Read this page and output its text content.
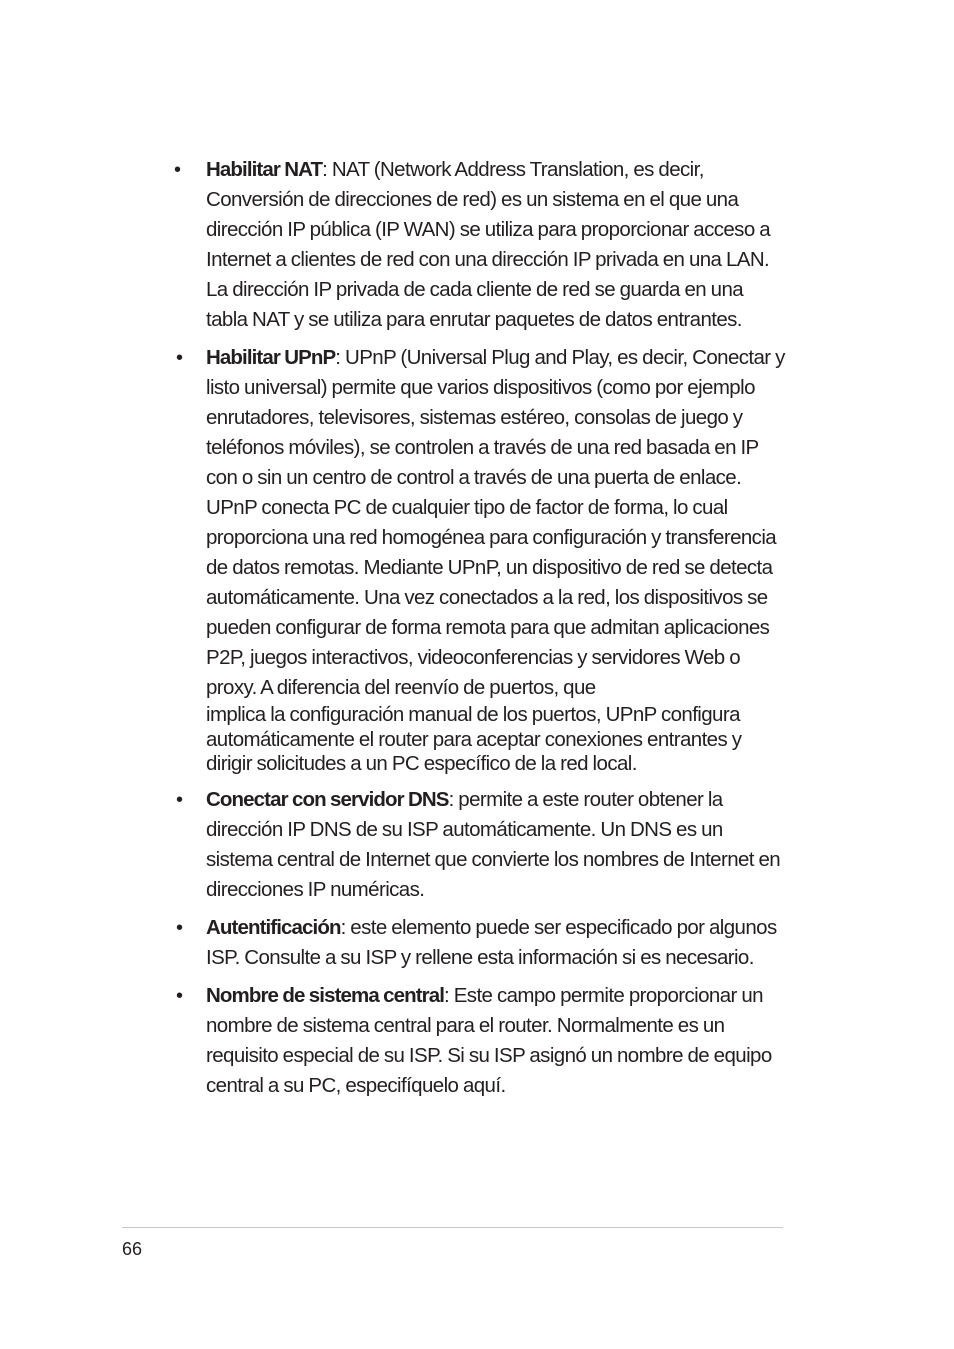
• Habilitar NAT: NAT (Network Address Translation, es decir, Conversión de direcciones de red) es un sistema en el que una dirección IP pública (IP WAN) se utiliza para proporcionar acceso a Internet a clientes de red con una dirección IP privada en una LAN. La dirección IP privada de cada cliente de red se guarda en una tabla NAT y se utiliza para enrutar paquetes de datos entrantes.
• Habilitar UPnP: UPnP (Universal Plug and Play, es decir, Conectar y listo universal) permite que varios dispositivos (como por ejemplo enrutadores, televisores, sistemas estéreo, consolas de juego y teléfonos móviles), se controlen a través de una red basada en IP con o sin un centro de control a través de una puerta de enlace. UPnP conecta PC de cualquier tipo de factor de forma, lo cual proporciona una red homogénea para configuración y transferencia de datos remotas. Mediante UPnP, un dispositivo de red se detecta automáticamente. Una vez conectados a la red, los dispositivos se pueden configurar de forma remota para que admitan aplicaciones P2P, juegos interactivos, videoconferencias y servidores Web o proxy. A diferencia del reenvío de puertos, que
implica la configuración manual de los puertos, UPnP configura automáticamente el router para aceptar conexiones entrantes y dirigir solicitudes a un PC específico de la red local.
• Conectar con servidor DNS: permite a este router obtener la dirección IP DNS de su ISP automáticamente. Un DNS es un sistema central de Internet que convierte los nombres de Internet en direcciones IP numéricas.
• Autentificación: este elemento puede ser especificado por algunos ISP. Consulte a su ISP y rellene esta información si es necesario.
• Nombre de sistema central: Este campo permite proporcionar un nombre de sistema central para el router. Normalmente es un requisito especial de su ISP. Si su ISP asignó un nombre de equipo central a su PC, especifíquelo aquí.
66
